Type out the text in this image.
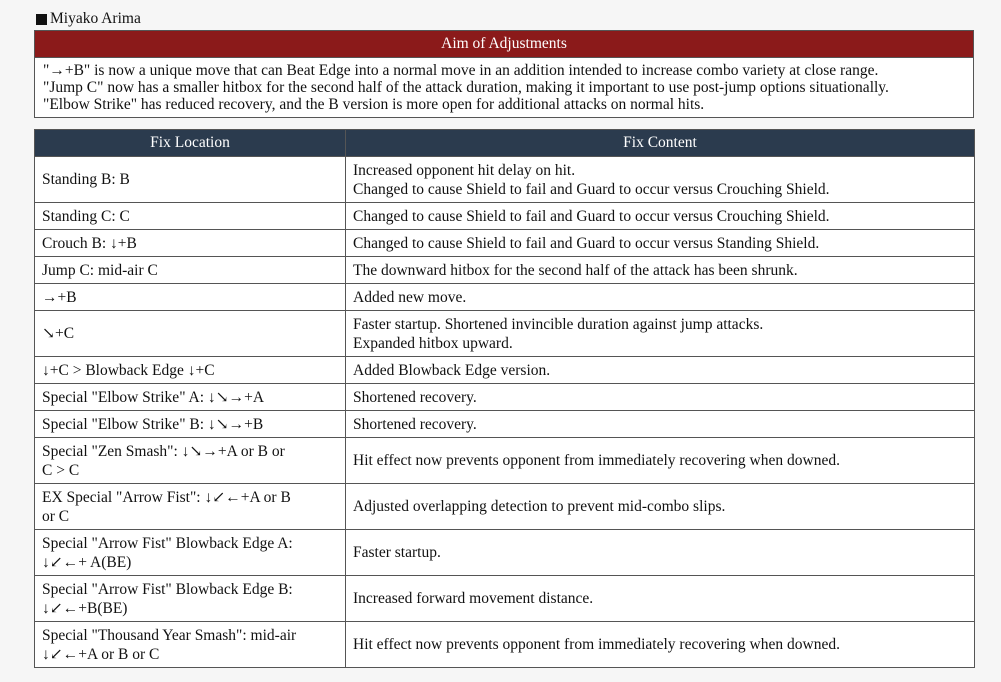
Miyako Arima
Aim of Adjustments
"→+B" is now a unique move that can Beat Edge into a normal move in an addition intended to increase combo variety at close range.
"Jump C" now has a smaller hitbox for the second half of the attack duration, making it important to use post-jump options situationally.
"Elbow Strike" has reduced recovery, and the B version is more open for additional attacks on normal hits.
Fix Location	Fix Content

Standing B: B	Increased opponent hit delay on hit.
Changed to cause Shield to fail and Guard to occur versus Crouching Shield.

Standing C: C	Changed to cause Shield to fail and Guard to occur versus Crouching Shield.

Crouch B: ↓+B	Changed to cause Shield to fail and Guard to occur versus Standing Shield.

Jump C: mid-air C	The downward hitbox for the second half of the attack has been shrunk.

→+B	Added new move.

↘+C	Faster startup. Shortened invincible duration against jump attacks.
Expanded hitbox upward.

↓+C > Blowback Edge ↓+C	Added Blowback Edge version.

Special "Elbow Strike" A: ↓↘→+A	Shortened recovery.

Special "Elbow Strike" B: ↓↘→+B	Shortened recovery.

Special "Zen Smash": ↓↘→+A or B or
C > C	Hit effect now prevents opponent from immediately recovering when downed.

EX Special "Arrow Fist": ↓↙←+A or B
or C	Adjusted overlapping detection to prevent mid-combo slips.

Special "Arrow Fist" Blowback Edge A:
↓↙←+ A(BE)	Faster startup.

Special "Arrow Fist" Blowback Edge B:
↓↙←+B(BE)	Increased forward movement distance.

Special "Thousand Year Smash": mid-air
↓↙←+A or B or C	Hit effect now prevents opponent from immediately recovering when downed.
